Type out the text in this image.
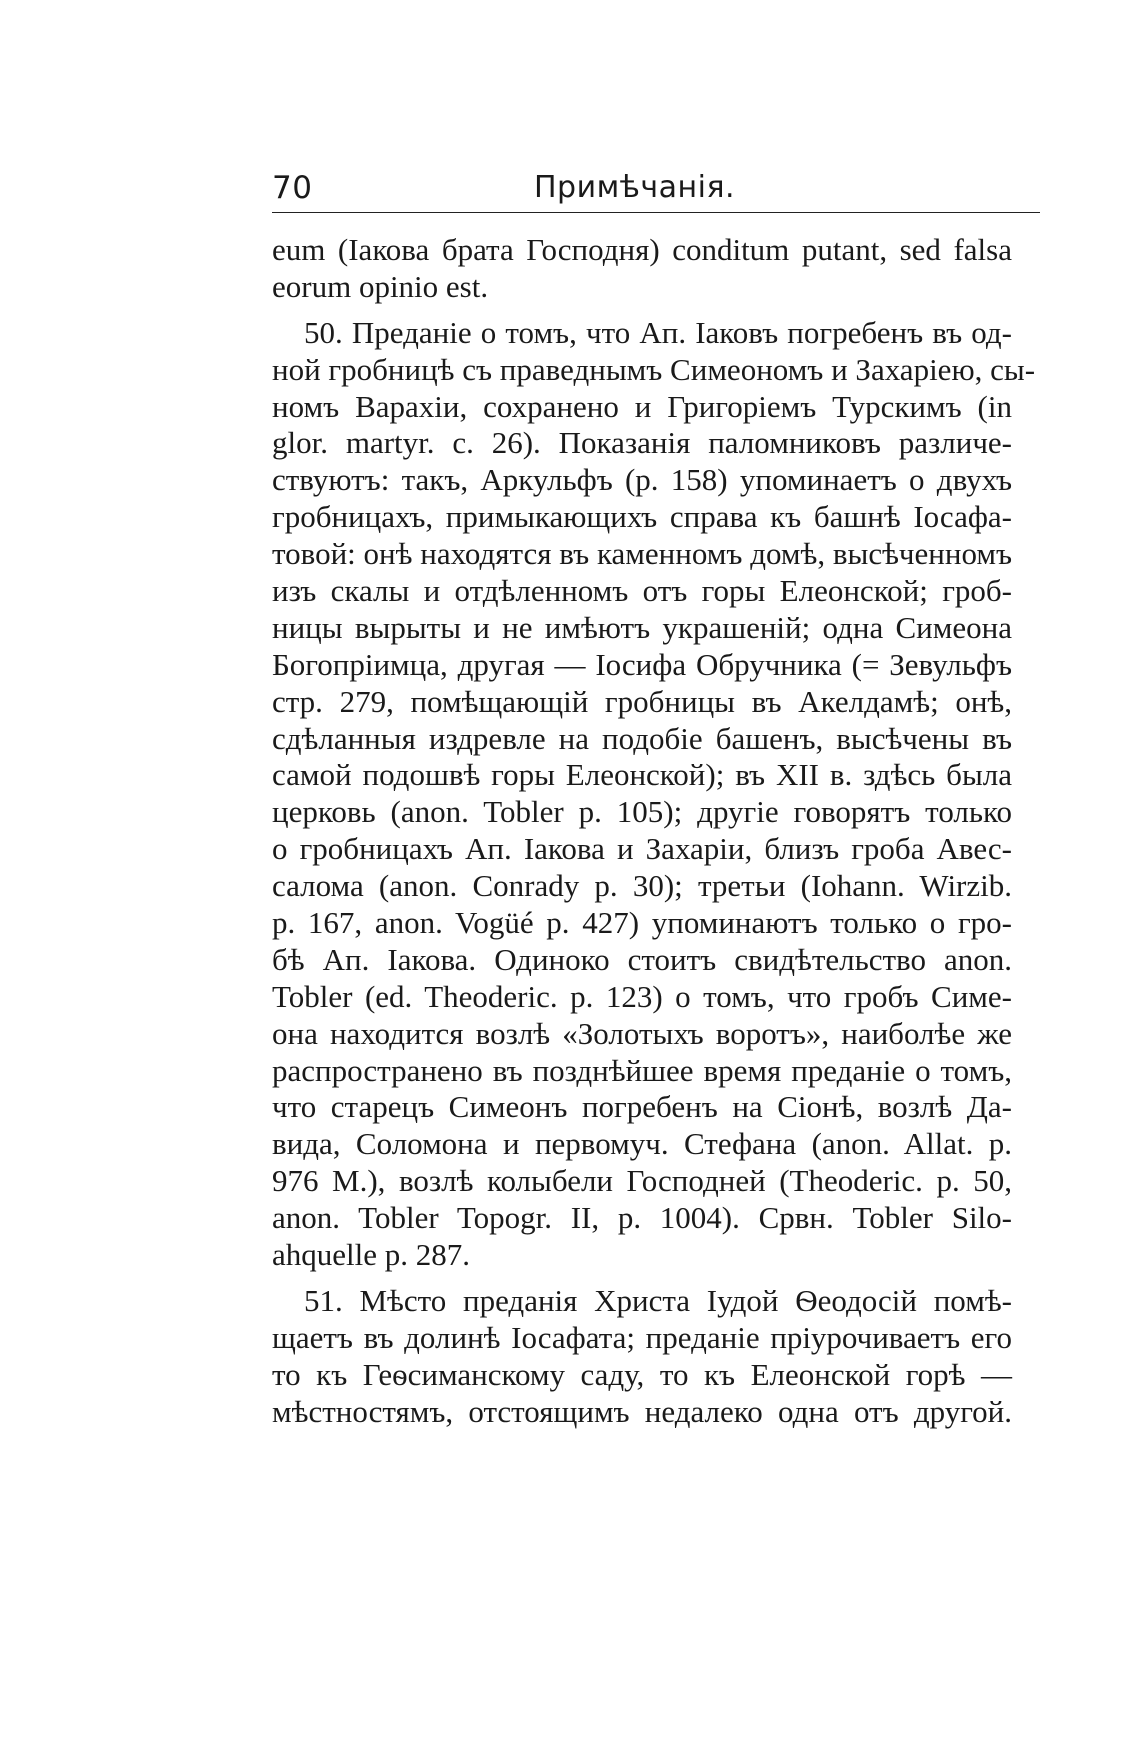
70	Примѣчанія.
eum (Іакова брата Господня) conditum putant, sed falsa
eorum opinio est.
50. Преданіе о томъ, что Ап. Іаковъ погребенъ въ од-
ной гробницѣ съ праведнымъ Симеономъ и Захаріею, сы-
номъ Варахіи, сохранено и Григоріемъ Турскимъ (in
glor. martyr. c. 26). Показанія паломниковъ различе-
ствуютъ: такъ, Аркульфъ (p. 158) упоминаетъ о двухъ
гробницахъ, примыкающихъ справа къ башнѣ Іосафа-
товой: онѣ находятся въ каменномъ домѣ, высѣченномъ
изъ скалы и отдѣленномъ отъ горы Елеонской; гроб-
ницы вырыты и не имѣютъ украшеній; одна Симеона
Богопріимца, другая — Іосифа Обручника (= Зевульфъ
стр. 279, помѣщающій гробницы въ Акелдамѣ; онѣ,
сдѣланныя издревле на подобіе башенъ, высѣчены въ
самой подошвѣ горы Елеонской); въ XII в. здѣсь была
церковь (anon. Tobler p. 105); другіе говорятъ только
о гробницахъ Ап. Іакова и Захаріи, близъ гроба Авес-
салома (anon. Conrady p. 30); третьи (Iohann. Wirzib.
p. 167, anon. Vogüé p. 427) упоминаютъ только о гро-
бѣ Ап. Іакова. Одиноко стоитъ свидѣтельство anon.
Tobler (ed. Theoderic. p. 123) о томъ, что гробъ Симе-
она находится возлѣ «Золотыхъ воротъ», наиболѣе же
распространено въ позднѣйшее время преданіе о томъ,
что старецъ Симеонъ погребенъ на Сіонѣ, возлѣ Да-
вида, Соломона и первомуч. Стефана (anon. Allat. p.
976 M.), возлѣ колыбели Господней (Theoderic. p. 50,
anon. Tobler Topogr. II, p. 1004). Срвн. Tobler Silo-
ahquelle p. 287.
51. Мѣсто преданія Христа Іудой Ѳеодосій помѣ-
щаетъ въ долинѣ Іосафата; преданіе пріурочиваетъ его
то къ Геѳсиманскому саду, то къ Елеонской горѣ —
мѣстностямъ, отстоящимъ недалеко одна отъ другой.
